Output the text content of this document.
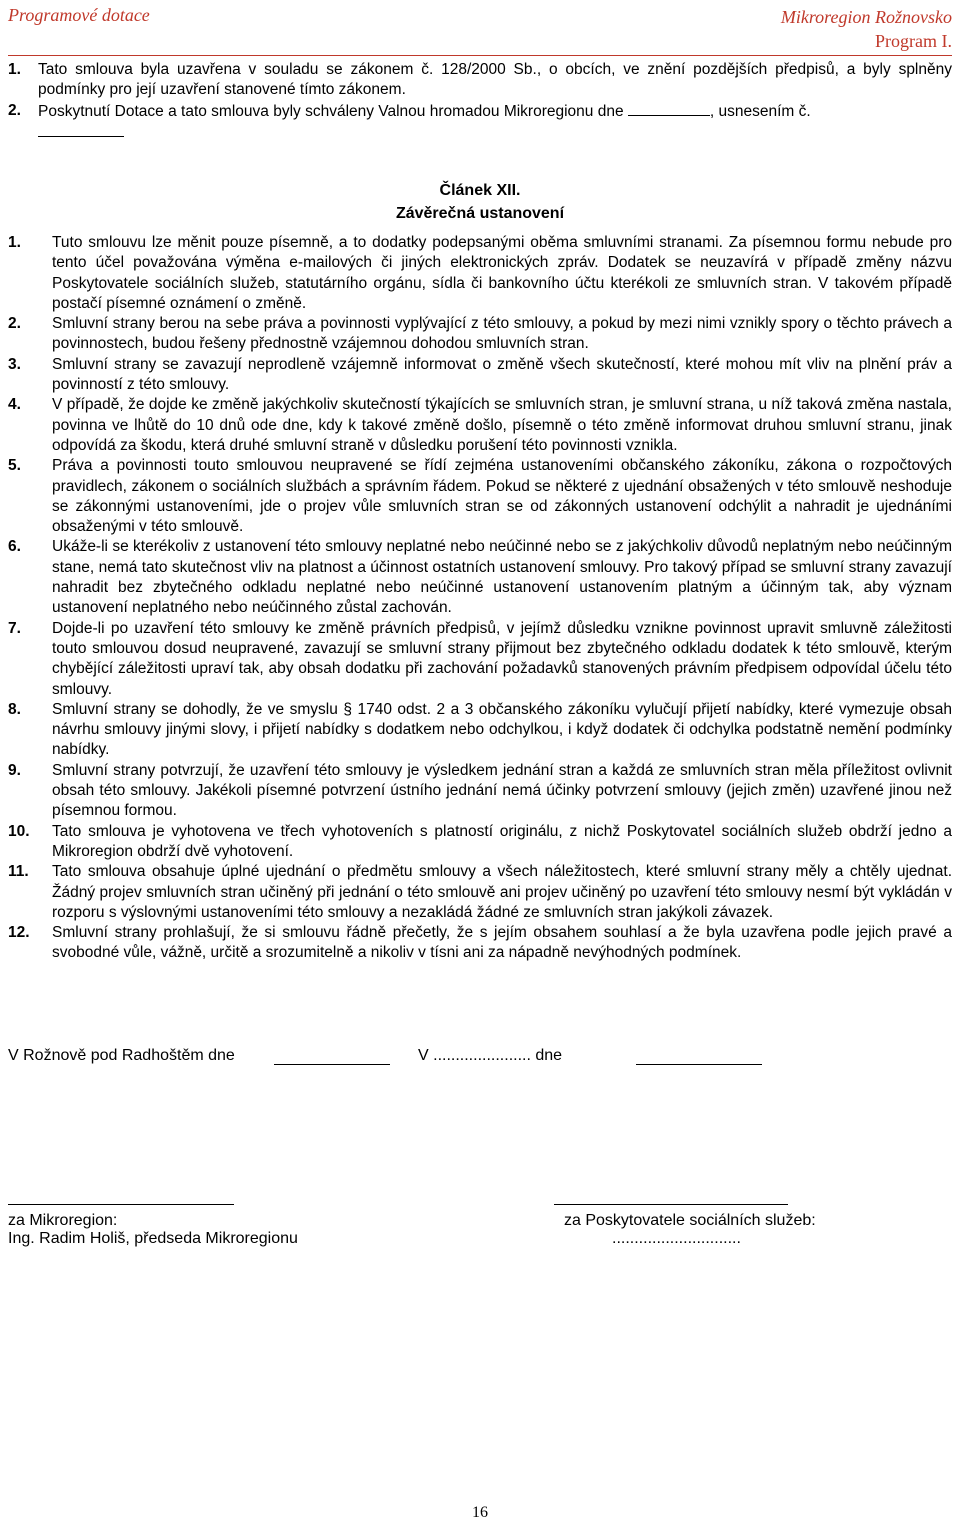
Programové dotace	Mikroregion Rožnovsko
Program I.
1. Tato smlouva byla uzavřena v souladu se zákonem č. 128/2000 Sb., o obcích, ve znění pozdějších předpisů, a byly splněny podmínky pro její uzavření stanovené tímto zákonem.
2. Poskytnutí Dotace a tato smlouva byly schváleny Valnou hromadou Mikroregionu dne	, usnesením č.

Článek XII.
Závěrečná ustanovení
1. Tuto smlouvu lze měnit pouze písemně, a to dodatky podepsanými oběma smluvními stranami. Za písemnou formu nebude pro tento účel považována výměna e-mailových či jiných elektronických zpráv. Dodatek se neuzavírá v případě změny názvu Poskytovatele sociálních služeb, statutárního orgánu, sídla či bankovního účtu kterékoli ze smluvních stran. V takovém případě postačí písemné oznámení o změně.
2. Smluvní strany berou na sebe práva a povinnosti vyplývající z této smlouvy, a pokud by mezi nimi vznikly spory o těchto právech a povinnostech, budou řešeny přednostně vzájemnou dohodou smluvních stran.
3. Smluvní strany se zavazují neprodleně vzájemně informovat o změně všech skutečností, které mohou mít vliv na plnění práv a povinností z této smlouvy.
4. V případě, že dojde ke změně jakýchkoliv skutečností týkajících se smluvních stran, je smluvní strana, u níž taková změna nastala, povinna ve lhůtě do 10 dnů ode dne, kdy k takové změně došlo, písemně o této změně informovat druhou smluvní stranu, jinak odpovídá za škodu, která druhé smluvní straně v důsledku porušení této povinnosti vznikla.
5. Práva a povinnosti touto smlouvou neupravené se řídí zejména ustanoveními občanského zákoníku, zákona o rozpočtových pravidlech, zákonem o sociálních službách a správním řádem. Pokud se některé z ujednání obsažených v této smlouvě neshoduje se zákonnými ustanoveními, jde o projev vůle smluvních stran se od zákonných ustanovení odchýlit a nahradit je ujednáními obsaženými v této smlouvě.
6. Ukáže-li se kterékoliv z ustanovení této smlouvy neplatné nebo neúčinné nebo se z jakýchkoliv důvodů neplatným nebo neúčinným stane, nemá tato skutečnost vliv na platnost a účinnost ostatních ustanovení smlouvy. Pro takový případ se smluvní strany zavazují nahradit bez zbytečného odkladu neplatné nebo neúčinné ustanovení ustanovením platným a účinným tak, aby význam ustanovení neplatného nebo neúčinného zůstal zachován.
7. Dojde-li po uzavření této smlouvy ke změně právních předpisů, v jejímž důsledku vznikne povinnost upravit smluvně záležitosti touto smlouvou dosud neupravené, zavazují se smluvní strany přijmout bez zbytečného odkladu dodatek k této smlouvě, kterým chybějící záležitosti upraví tak, aby obsah dodatku při zachování požadavků stanovených právním předpisem odpovídal účelu této smlouvy.
8. Smluvní strany se dohodly, že ve smyslu § 1740 odst. 2 a 3 občanského zákoníku vylučují přijetí nabídky, které vymezuje obsah návrhu smlouvy jinými slovy, i přijetí nabídky s dodatkem nebo odchylkou, i když dodatek či odchylka podstatně nemění podmínky nabídky.
9. Smluvní strany potvrzují, že uzavření této smlouvy je výsledkem jednání stran a každá ze smluvních stran měla příležitost ovlivnit obsah této smlouvy. Jakékoli písemné potvrzení ústního jednání nemá účinky potvrzení smlouvy (jejich změn) uzavřené jinou než písemnou formou.
10. Tato smlouva je vyhotovena ve třech vyhotoveních s platností originálu, z nichž Poskytovatel sociálních služeb obdrží jedno a Mikroregion obdrží dvě vyhotovení.
11. Tato smlouva obsahuje úplné ujednání o předmětu smlouvy a všech náležitostech, které smluvní strany měly a chtěly ujednat. Žádný projev smluvních stran učiněný při jednání o této smlouvě ani projev učiněný po uzavření této smlouvy nesmí být vykládán v rozporu s výslovnými ustanoveními této smlouvy a nezakládá žádné ze smluvních stran jakýkoli závazek.
12. Smluvní strany prohlašují, že si smlouvu řádně přečetly, že s jejím obsahem souhlasí a že byla uzavřena podle jejich pravé a svobodné vůle, vážně, určitě a srozumitelně a nikoliv v tísni ani za nápadně nevýhodných podmínek.
V Rožnově pod Radhoštěm dne	V ...................... dne
za Mikroregion:
Ing. Radim Holiš, předseda Mikroregionu
za Poskytovatele sociálních služeb:
.............................
16
